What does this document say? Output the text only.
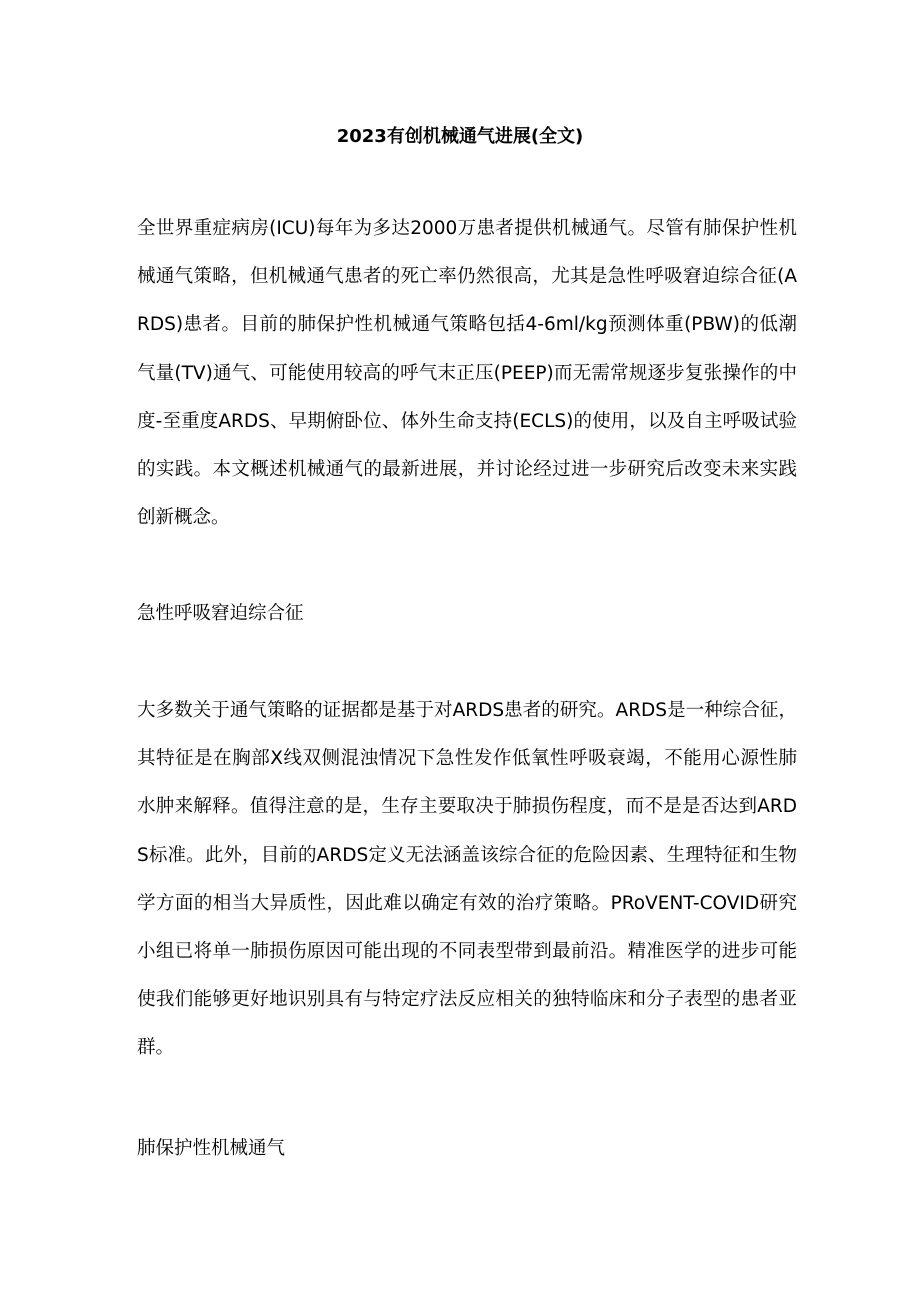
2023有创机械通气进展(全文)

全世界重症病房(ICU)每年为多达2000万患者提供机械通气。尽管有肺保护性机械通气策略，但机械通气患者的死亡率仍然很高，尤其是急性呼吸窘迫综合征(ARDS)患者。目前的肺保护性机械通气策略包括4-6ml/kg预测体重(PBW)的低潮气量(TV)通气、可能使用较高的呼气末正压(PEEP)而无需常规逐步复张操作的中度-至重度ARDS、早期俯卧位、体外生命支持(ECLS)的使用，以及自主呼吸试验的实践。本文概述机械通气的最新进展，并讨论经过进一步研究后改变未来实践创新概念。

急性呼吸窘迫综合征

大多数关于通气策略的证据都是基于对ARDS患者的研究。ARDS是一种综合征，其特征是在胸部X线双侧混浊情况下急性发作低氧性呼吸衰竭，不能用心源性肺水肿来解释。值得注意的是，生存主要取决于肺损伤程度，而不是是否达到ARDS标准。此外，目前的ARDS定义无法涵盖该综合征的危险因素、生理特征和生物学方面的相当大异质性，因此难以确定有效的治疗策略。PRoVENT-COVID研究小组已将单一肺损伤原因可能出现的不同表型带到最前沿。精准医学的进步可能使我们能够更好地识别具有与特定疗法反应相关的独特临床和分子表型的患者亚群。

肺保护性机械通气
